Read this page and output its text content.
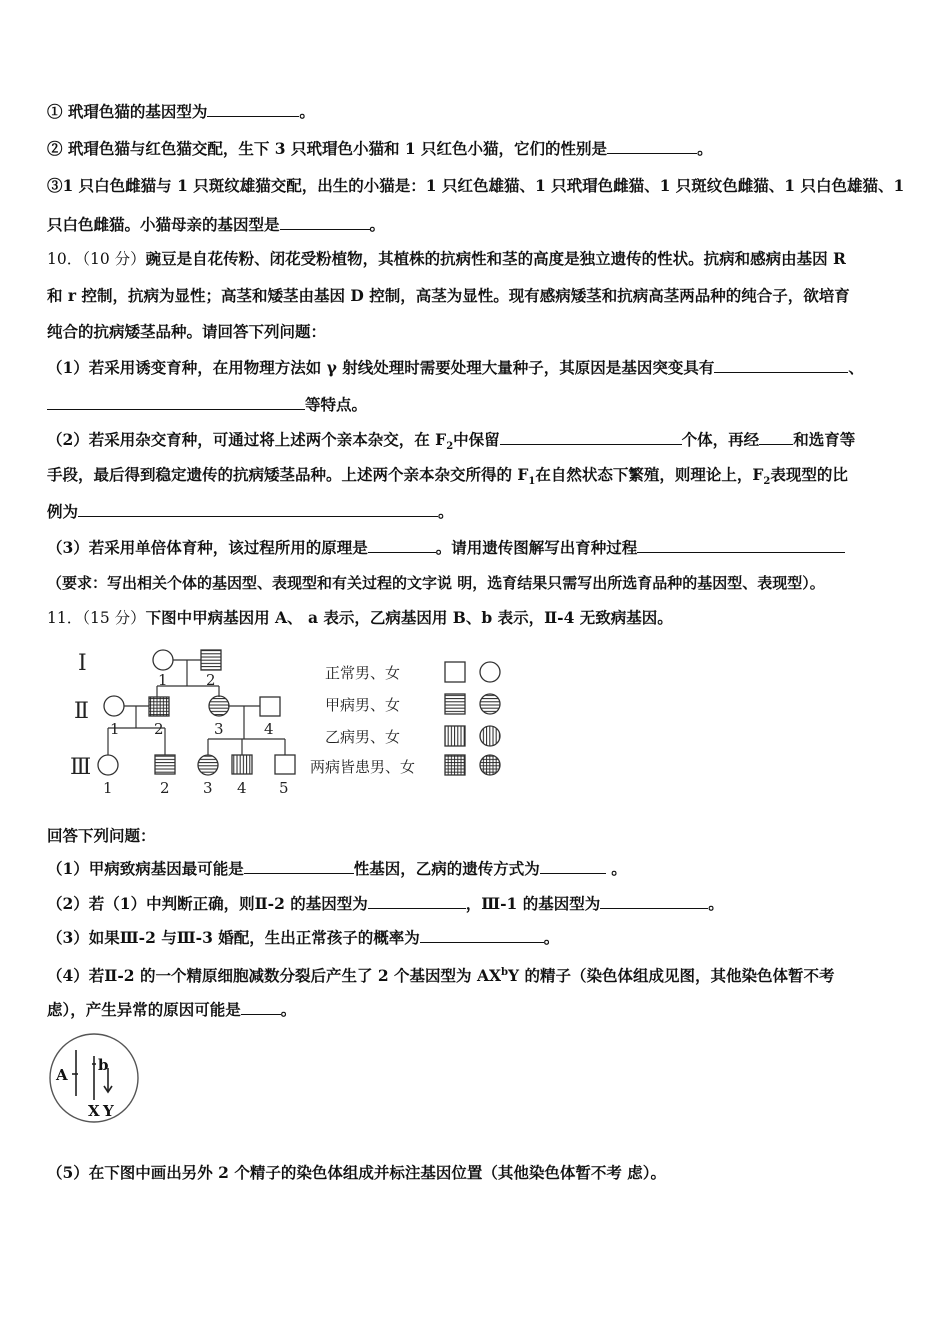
① 玳瑁色猫的基因型为	。
② 玳瑁色猫与红色猫交配，生下 3 只玳瑁色小猫和 1 只红色小猫，它们的性别是	。
③1 只白色雌猫与 1 只斑纹雄猫交配，出生的小猫是：1 只红色雄猫、1 只玳瑁色雌猫、1 只斑纹色雌猫、1 只白色雄猫、1
只白色雌猫。小猫母亲的基因型是	。
10．（10 分）豌豆是自花传粉、闭花受粉植物，其植株的抗病性和茎的高度是独立遗传的性状。抗病和感病由基因 R
和 r 控制，抗病为显性；高茎和矮茎由基因 D 控制，高茎为显性。现有感病矮茎和抗病高茎两品种的纯合子，欲培育
纯合的抗病矮茎品种。请回答下列问题：
（1）若采用诱变育种，在用物理方法如 γ 射线处理时需要处理大量种子，其原因是基因突变具有	、
等特点。
（2）若采用杂交育种，可通过将上述两个亲本杂交，在 $F_2$中保留	个体，再经 和选育等
手段，最后得到稳定遗传的抗病矮茎品种。上述两个亲本杂交所得的 $F_1$在自然状态下繁殖，则理论上，$F_2$表现型的比
例为	。
（3）若采用单倍体育种，该过程所用的原理是	。请用遗传图解写出育种过程
（要求：写出相关个体的基因型、表现型和有关过程的文字说 明，选育结果只需写出所选育品种的基因型、表现型）。
11．（15 分）下图中甲病基因用 A、 a 表示，乙病基因用 B、b 表示，Ⅱ-4 无致病基因。
Ⅰ
Ⅱ
Ⅲ
1	2
1 2	3	4
1	2 3 4 5
正常男、女
甲病男、女
乙病男、女
两病皆患男、女
回答下列问题：
（1）甲病致病基因最可能是	性基因，乙病的遗传方式为	。
（2）若（1）中判断正确，则Ⅱ-2 的基因型为	，Ⅲ-1 的基因型为	。
（3）如果Ⅲ-2 与Ⅲ-3 婚配，生出正常孩子的概率为	。
（4）若Ⅱ-2 的一个精原细胞减数分裂后产生了 2 个基因型为 $AX^bY$ 的精子（染色体组成见图，其他染色体暂不考
虑），产生异常的原因可能是	。
A
b
X Y
（5）在下图中画出另外 2 个精子的染色体组成并标注基因位置（其他染色体暂不考 虑）。
